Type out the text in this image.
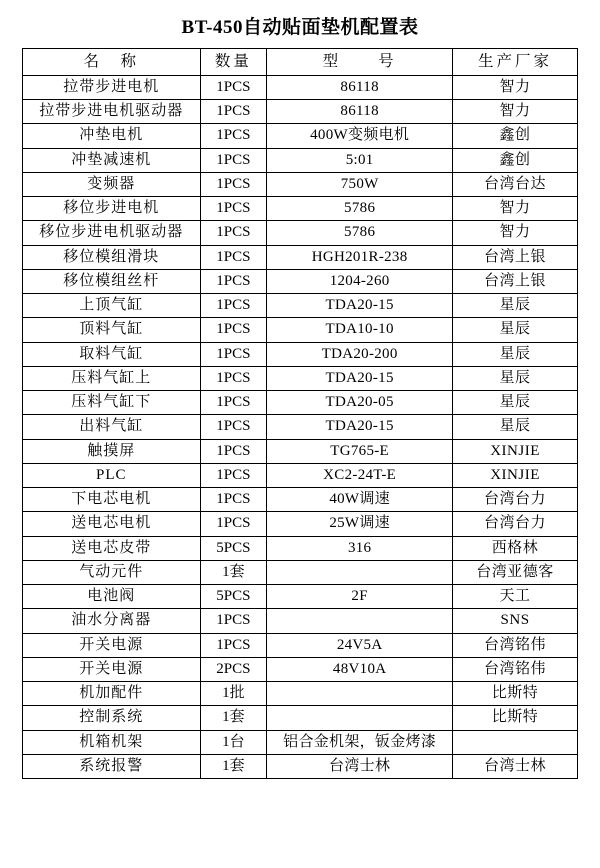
BT-450自动贴面垫机配置表
名　称	数量	型　　号	生产厂家
拉带步进电机	1PCS	86118	智力
拉带步进电机驱动器	1PCS	86118	智力
冲垫电机	1PCS	400W变频电机	鑫创
冲垫减速机	1PCS	5:01	鑫创
变频器	1PCS	750W	台湾台达
移位步进电机	1PCS	5786	智力
移位步进电机驱动器	1PCS	5786	智力
移位模组滑块	1PCS	HGH201R-238	台湾上银
移位模组丝杆	1PCS	1204-260	台湾上银
上顶气缸	1PCS	TDA20-15	星辰
顶料气缸	1PCS	TDA10-10	星辰
取料气缸	1PCS	TDA20-200	星辰
压料气缸上	1PCS	TDA20-15	星辰
压料气缸下	1PCS	TDA20-05	星辰
出料气缸	1PCS	TDA20-15	星辰
触摸屏	1PCS	TG765-E	XINJIE
PLC	1PCS	XC2-24T-E	XINJIE
下电芯电机	1PCS	40W调速	台湾台力
送电芯电机	1PCS	25W调速	台湾台力
送电芯皮带	5PCS	316	西格林
气动元件	1套		台湾亚德客
电池阀	5PCS	2F	天工
油水分离器	1PCS		SNS
开关电源	1PCS	24V5A	台湾铭伟
开关电源	2PCS	48V10A	台湾铭伟
机加配件	1批		比斯特
控制系统	1套		比斯特
机箱机架	1台	铝合金机架，钣金烤漆	
系统报警	1套	台湾士林	台湾士林
